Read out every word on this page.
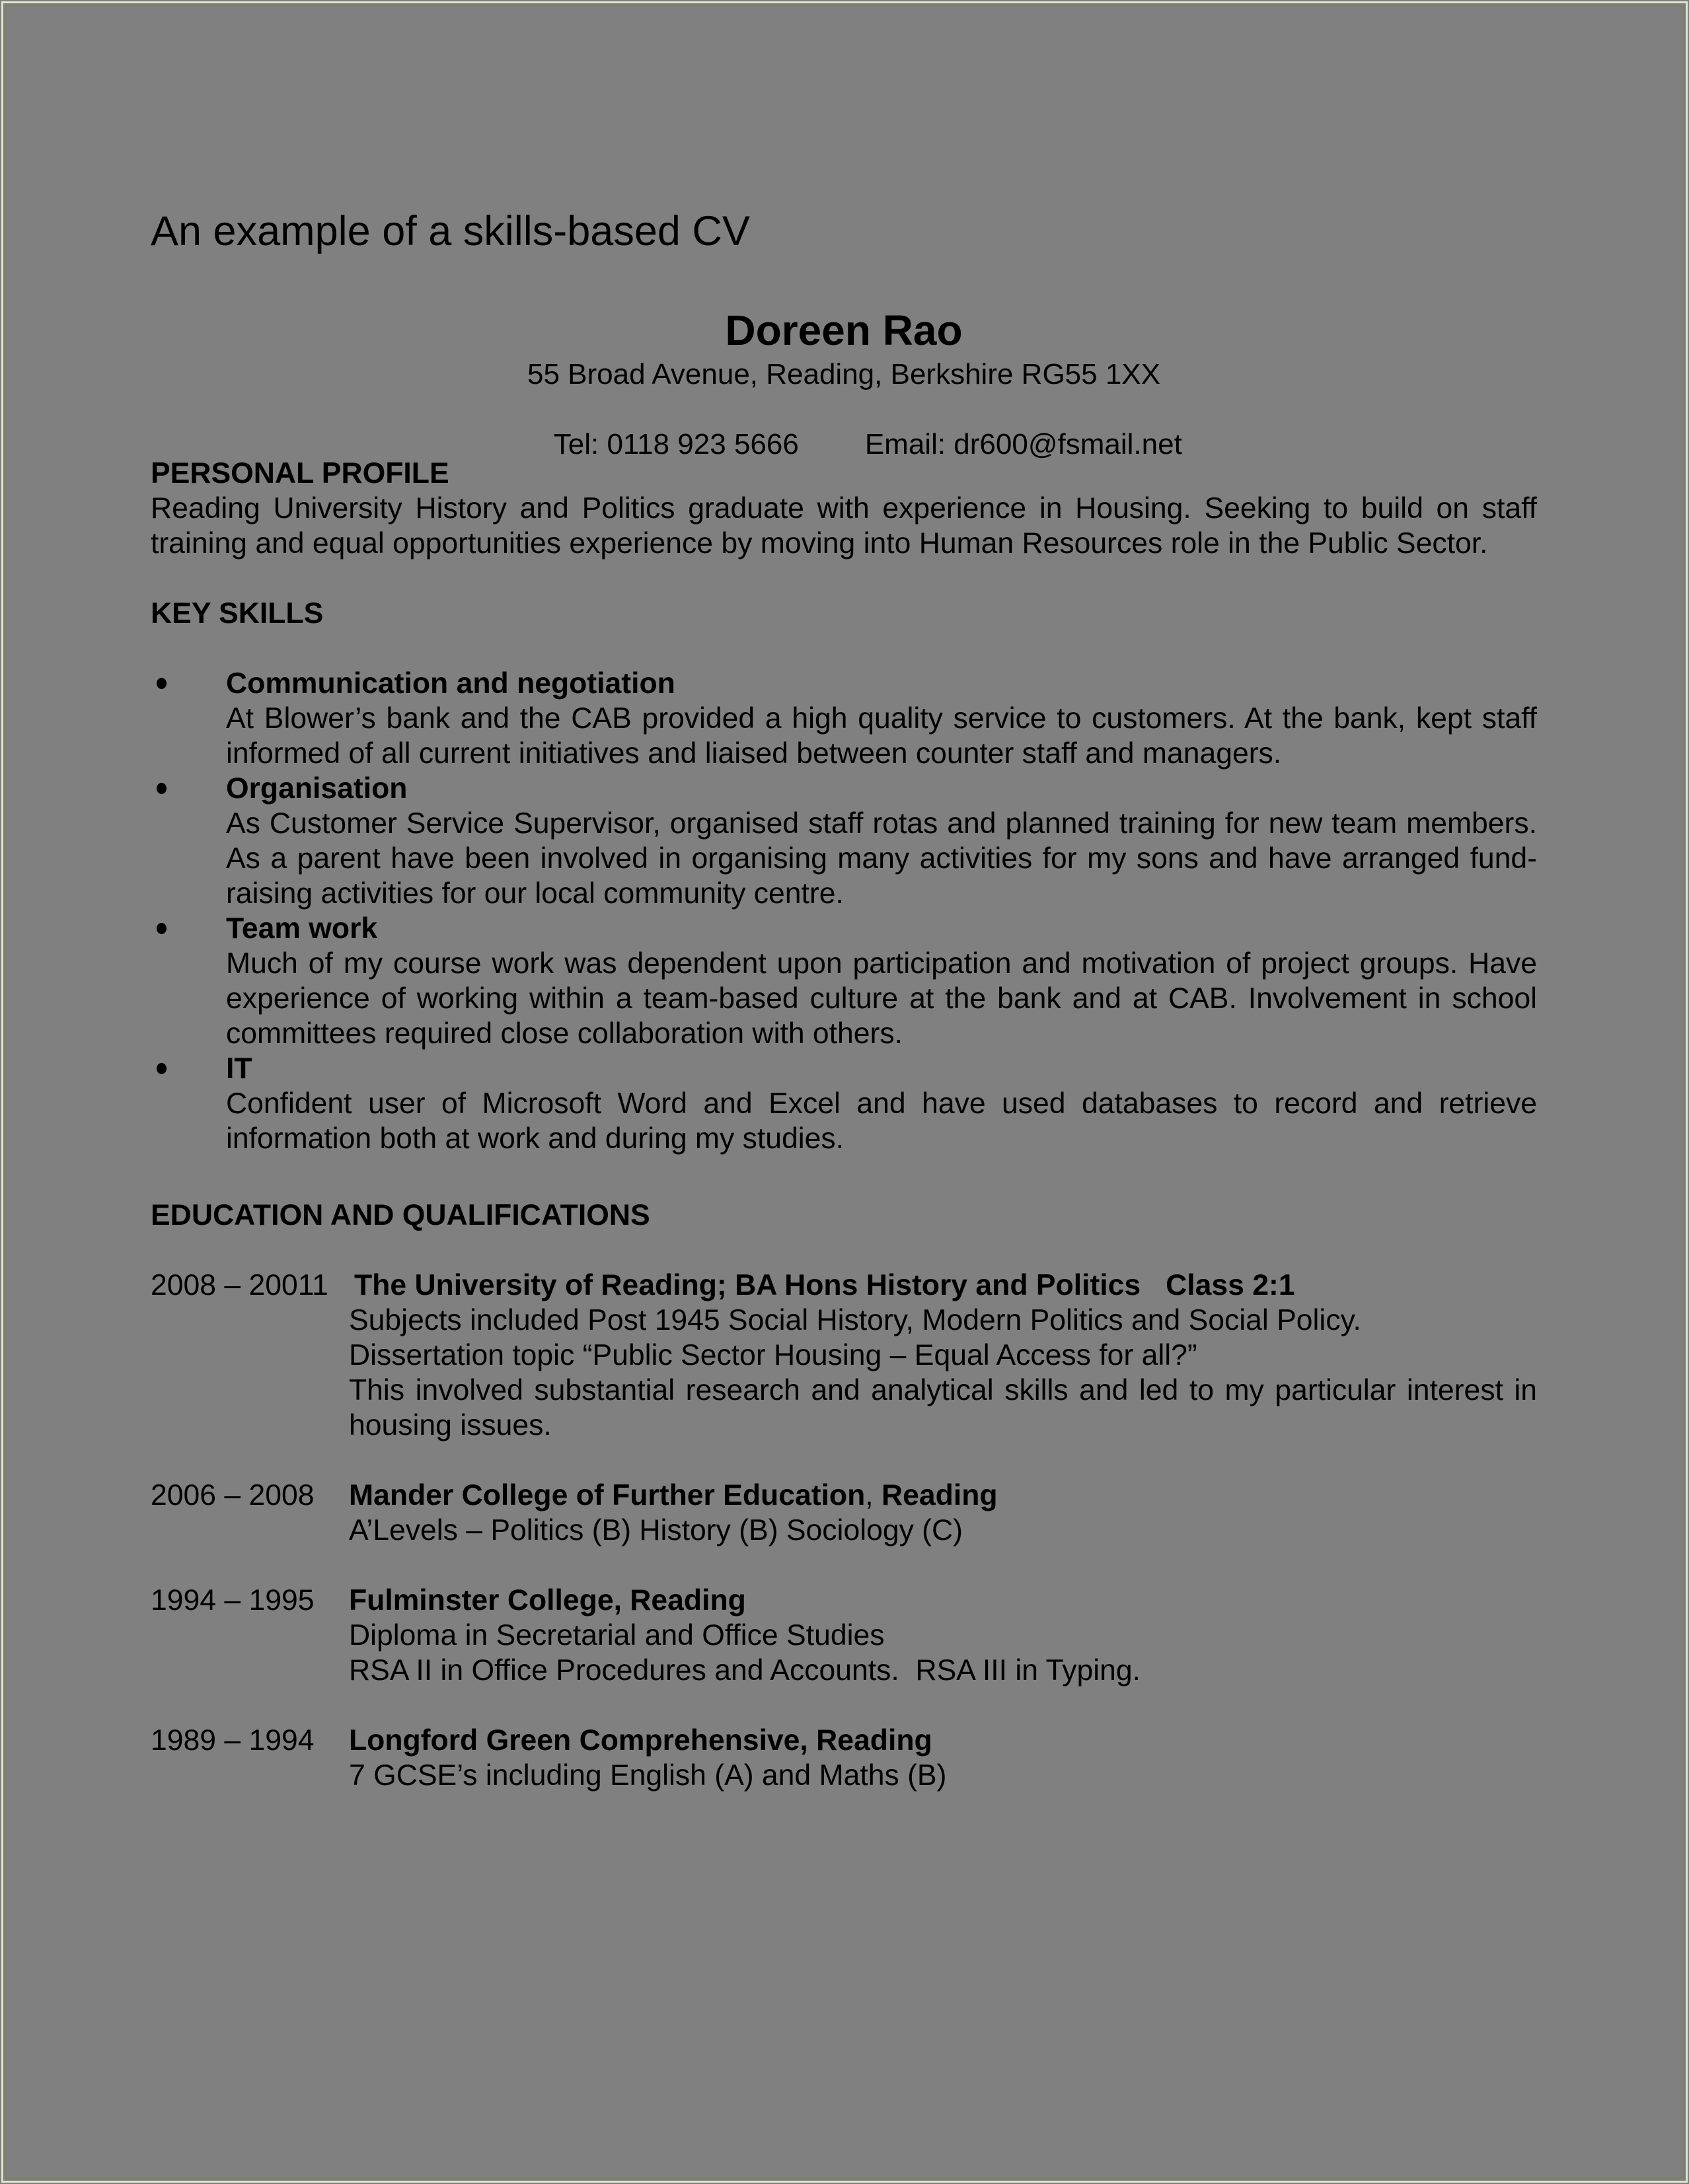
An example of a skills-based CV
Doreen Rao
55 Broad Avenue, Reading, Berkshire RG55 1XX

Tel: 0118 923 5666 Email: dr600@fsmail.net

PERSONAL PROFILE

Reading University History and Politics graduate with experience in Housing. Seeking to build on staff training and equal opportunities experience by moving into Human Resources role in the Public Sector.

KEY SKILLS
Communication and negotiation

At Blower’s bank and the CAB provided a high quality service to customers. At the bank, kept staff informed of all current initiatives and liaised between counter staff and managers.

Organisation

As Customer Service Supervisor, organised staff rotas and planned training for new team members. As a parent have been involved in organising many activities for my sons and have arranged fund-raising activities for our local community centre.

Team work

Much of my course work was dependent upon participation and motivation of project groups. Have experience of working within a team-based culture at the bank and at CAB. Involvement in school committees required close collaboration with others.

IT

Confident user of Microsoft Word and Excel and have used databases to record and retrieve information both at work and during my studies.

EDUCATION AND QUALIFICATIONS
2008 – 20011 The University of Reading; BA Hons History and Politics Class 2:1

Subjects included Post 1945 Social History, Modern Politics and Social Policy.

Dissertation topic “Public Sector Housing – Equal Access for all?”

This involved substantial research and analytical skills and led to my particular interest in housing issues.

2006 – 2008 Mander College of Further Education, Reading

A’Levels – Politics (B) History (B) Sociology (C)

1994 – 1995 Fulminster College, Reading

Diploma in Secretarial and Office Studies

RSA II in Office Procedures and Accounts.  RSA III in Typing.

1989 – 1994 Longford Green Comprehensive, Reading

7 GCSE’s including English (A) and Maths (B)
